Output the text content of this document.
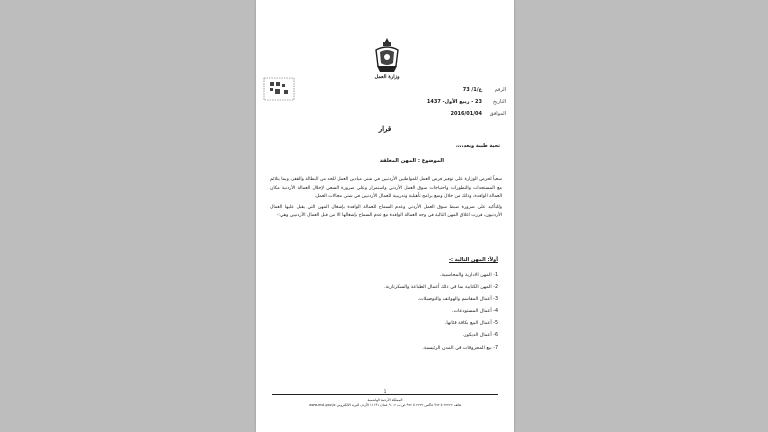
وزارة العمل
الرقم
ع/1/ 73
التاريخ
23 - ربيع الأول- 1437
الموافق
2016/01/04
قرار
تحية طيبة وبعد،،،،
الموضوع : المهن المغلقة

سعياً لحرص الوزارة على توفير فرص العمل للمواطنين الأردنيين في شتى ميادين العمل للحد من البطالة والفقر، وبما يتلائم مع المستجدات والتطورات واحتياجات سوق العمل الأردني واستمرار وعلى ضرورة السعي لإحلال العمالة الأردنية مكان العمالة الوافدة، وذلك من خلال وضع برامج تأهيلية وتدريبية للعمال الأردنيين في شتى مجالات العمل،

وللتأكيد على ضرورة ضبط سوق العمل الأردني وعدم السماح للعمالة الوافدة بإشغال المهن التي يقبل عليها العمال الأردنيون، قررت اغلاق المهن التالية في وجه العمالة الوافدة مع عدم السماح بإشغالها الا من قبل العمال الأردنيين وهي:-

أولاً: المهن التالية :-
1- المهن الادارية والمحاسبية.
2- المهن الكتابية بما في ذلك أعمال الطباعة والسكرتارية.
3- أعمال المقاسم والهواتف والتوصيلات.
4- أعمال المستودعات.
5- أعمال البيع بكافة فئاتها.
6- أعمال الديكور.
7- بيع المحروقات في المدن الرئيسية.
1
المملكة الأردنية الهاشمية
هاتف ٢٢٢٢٢ ٥ ٩٦٢ فاكس ٢٢٢٢ ٥ ٩٦٢ ص.ب ٩٠٠٢ عمان ١١١٩١ الأردن البريد الالكتروني www.mol.gov.jo
